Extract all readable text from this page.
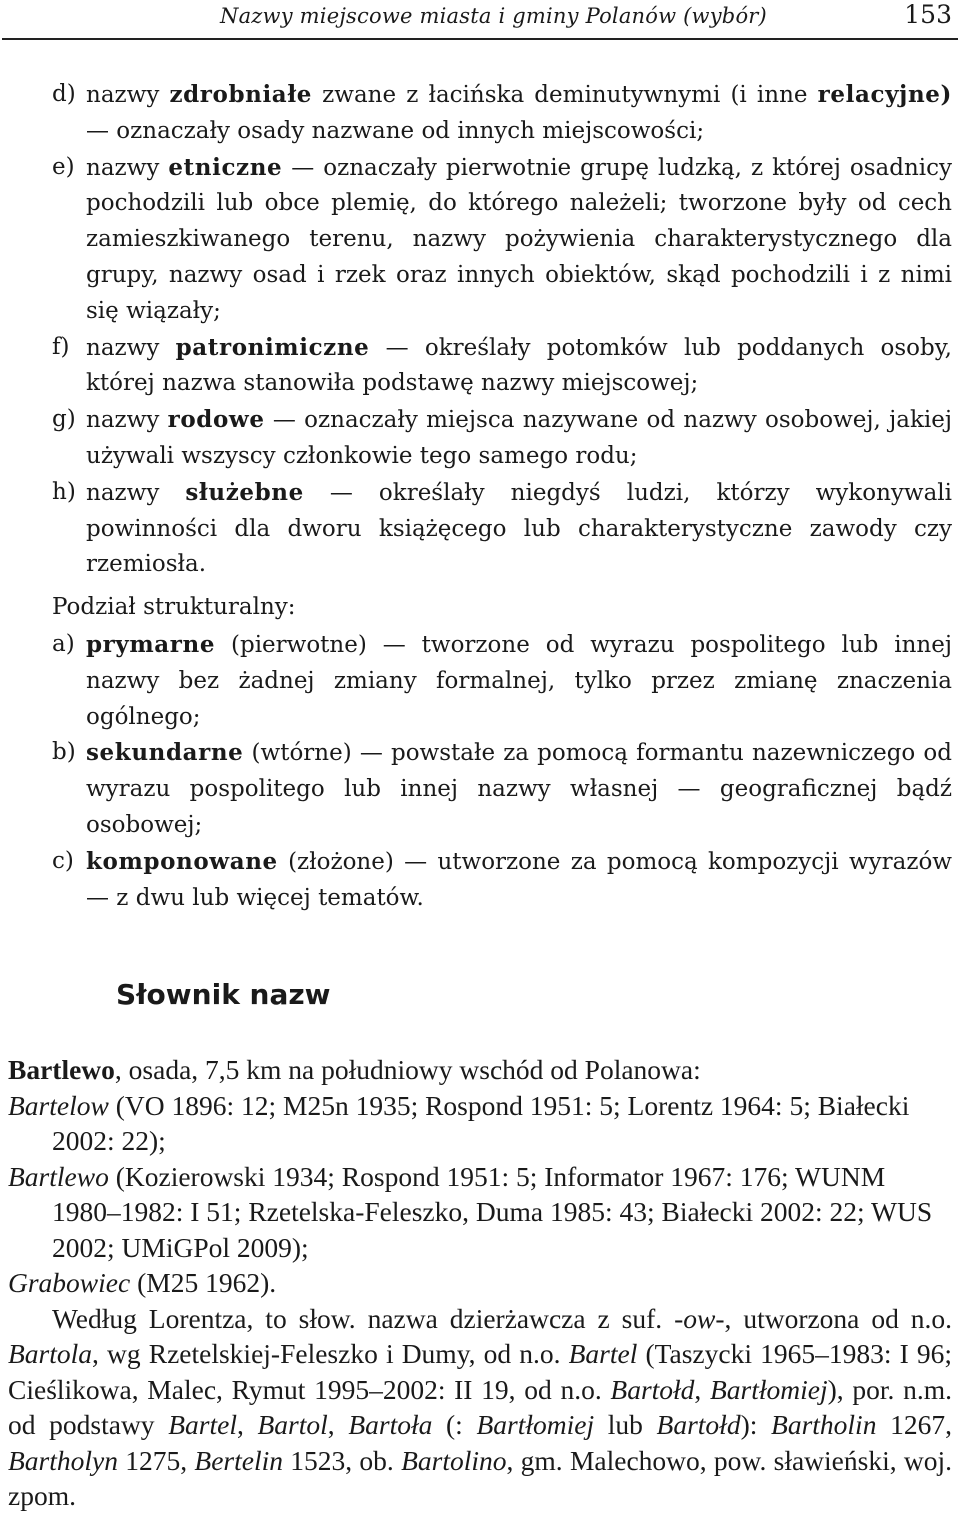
Nazwy miejscowe miasta i gminy Polanów (wybór)	153
d) nazwy zdrobniałe zwane z łacińska deminutywnymi (i inne relacyjne) — oznaczały osady nazwane od innych miejscowości;
e) nazwy etniczne — oznaczały pierwotnie grupę ludzką, z której osadnicy pochodzili lub obce plemię, do którego należeli; tworzone były od cech zamieszkiwanego terenu, nazwy pożywienia charakterystycznego dla grupy, nazwy osad i rzek oraz innych obiektów, skąd pochodzili i z nimi się wiązały;
f) nazwy patronimiczne — określały potomków lub poddanych osoby, której nazwa stanowiła podstawę nazwy miejscowej;
g) nazwy rodowe — oznaczały miejsca nazywane od nazwy osobowej, jakiej używali wszyscy członkowie tego samego rodu;
h) nazwy służebne — określały niegdyś ludzi, którzy wykonywali powinności dla dworu książęcego lub charakterystyczne zawody czy rzemiosła.
Podział strukturalny:
a) prymarne (pierwotne) — tworzone od wyrazu pospolitego lub innej nazwy bez żadnej zmiany formalnej, tylko przez zmianę znaczenia ogólnego;
b) sekundarne (wtórne) — powstałe za pomocą formantu nazewniczego od wyrazu pospolitego lub innej nazwy własnej — geograficznej bądź osobowej;
c) komponowane (złożone) — utworzone za pomocą kompozycji wyrazów — z dwu lub więcej tematów.
Słownik nazw
Bartlewo, osada, 7,5 km na południowy wschód od Polanowa:
Bartelow (VO 1896: 12; M25n 1935; Rospond 1951: 5; Lorentz 1964: 5; Białecki 2002: 22);
Bartlewo (Kozierowski 1934; Rospond 1951: 5; Informator 1967: 176; WUNM 1980–1982: I 51; Rzetelska-Feleszko, Duma 1985: 43; Białecki 2002: 22; WUS 2002; UMiGPol 2009);
Grabowiec (M25 1962).
Według Lorentza, to słow. nazwa dzierżawcza z suf. -ow-, utworzona od n.o. Bartola, wg Rzetelskiej-Feleszko i Dumy, od n.o. Bartel (Taszycki 1965–1983: I 96; Cieślikowa, Malec, Rymut 1995–2002: II 19, od n.o. Bartołd, Bartłomiej), por. n.m. od podstawy Bartel, Bartol, Bartoła (: Bartłomiej lub Bartołd): Bartholin 1267, Bartholyn 1275, Bertelin 1523, ob. Bartolino, gm. Malechowo, pow. sławieński, woj. zpom.
